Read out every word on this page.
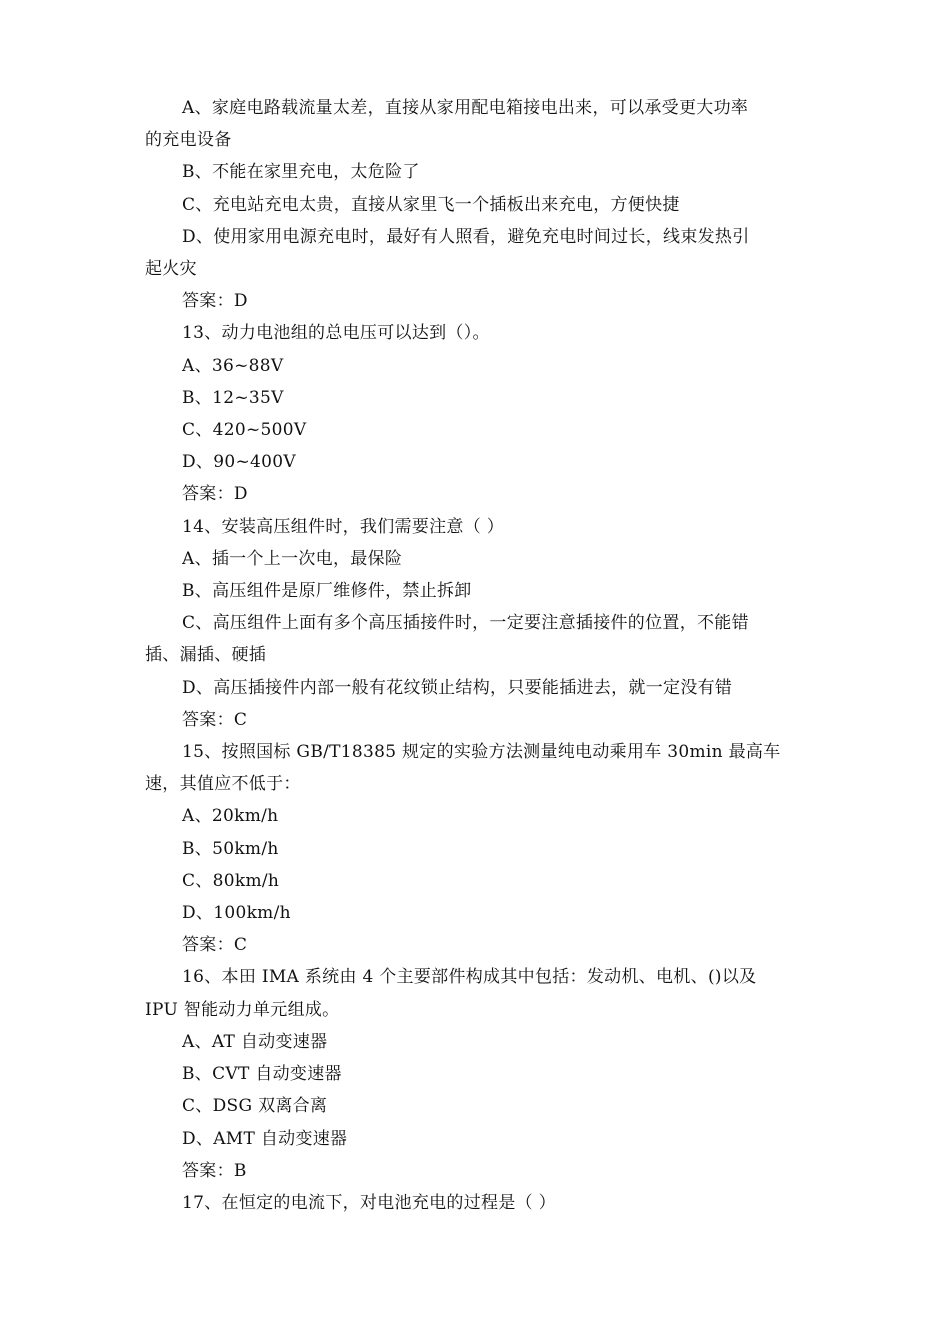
A、家庭电路载流量太差，直接从家用配电箱接电出来，可以承受更大功率
的充电设备
B、不能在家里充电，太危险了
C、充电站充电太贵，直接从家里飞一个插板出来充电，方便快捷
D、使用家用电源充电时，最好有人照看，避免充电时间过长，线束发热引
起火灾
答案：D
13、动力电池组的总电压可以达到（）。
A、36~88V
B、12~35V
C、420~500V
D、90~400V
答案：D
14、安装高压组件时，我们需要注意（ ）
A、插一个上一次电，最保险
B、高压组件是原厂维修件，禁止拆卸
C、高压组件上面有多个高压插接件时，一定要注意插接件的位置，不能错
插、漏插、硬插
D、高压插接件内部一般有花纹锁止结构，只要能插进去，就一定没有错
答案：C
15、按照国标 GB/T18385 规定的实验方法测量纯电动乘用车 30min 最高车
速，其值应不低于：
A、20km/h
B、50km/h
C、80km/h
D、100km/h
答案：C
16、本田 IMA 系统由 4 个主要部件构成其中包括：发动机、电机、()以及
IPU 智能动力单元组成。
A、AT 自动变速器
B、CVT 自动变速器
C、DSG 双离合离
D、AMT 自动变速器
答案：B
17、在恒定的电流下，对电池充电的过程是（ ）
